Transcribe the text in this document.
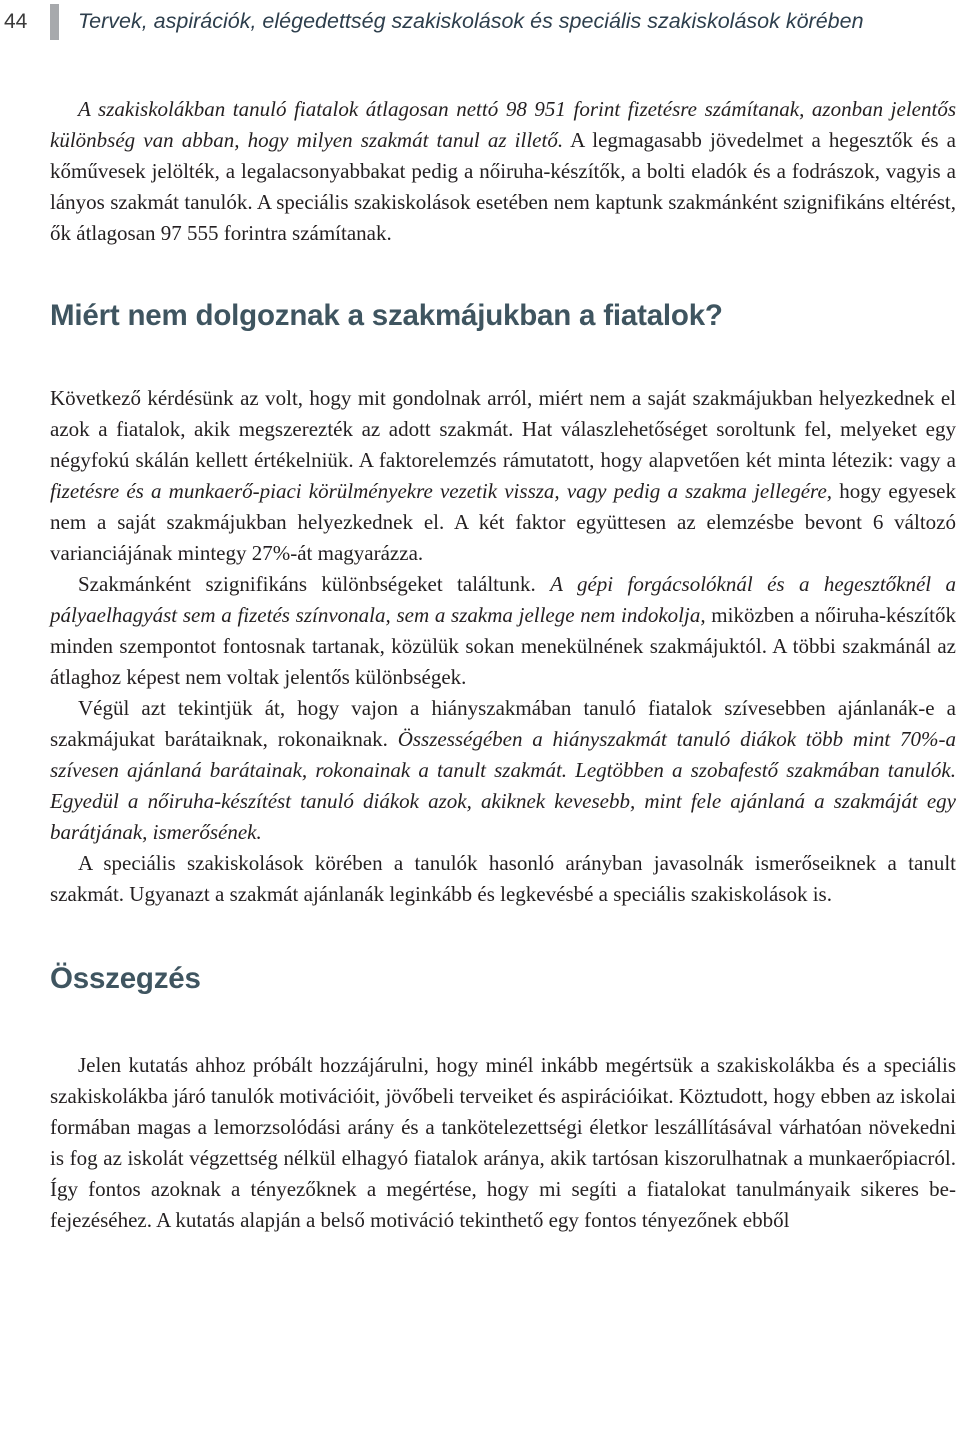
44 Tervek, aspirációk, elégedettség szakiskolások és speciális szakiskolások körében

A szakiskolákban tanuló fiatalok átlagosan nettó 98 951 forint fizetésre számítanak, azonban jelentős különbség van abban, hogy milyen szakmát tanul az illető. A legmagasabb jövedelmet a hegesztők és a kőművesek jelölték, a legalacsonyabbakat pedig a nőiruha-készítők, a bolti eladók és a fodrászok, vagyis a lányos szakmát tanulók. A speciális szakiskolások esetében nem kaptunk szakmánként szignifikáns eltérést, ők átlagosan 97 555 forintra számítanak.

Miért nem dolgoznak a szakmájukban a fiatalok?

Következő kérdésünk az volt, hogy mit gondolnak arról, miért nem a saját szakmájukban helyezkednek el azok a fiatalok, akik megszerezték az adott szakmát. Hat válaszlehetőséget soroltunk fel, melyeket egy négyfokú skálán kellett értékelniük. A faktorelemzés rámutatott, hogy alapvetően két minta létezik: vagy a fizetésre és a munkaerő-piaci körülményekre vezetik vissza, vagy pedig a szakma jellegére, hogy egyesek nem a saját szakmájukban helyezkednek el. A két faktor együttesen az elemzésbe bevont 6 változó varianciájának mintegy 27%-át magyarázza.

Szakmánként szignifikáns különbségeket találtunk. A gépi forgácsolóknál és a hegesztőknél a pályaelhagyást sem a fizetés színvonala, sem a szakma jellege nem indokolja, miközben a nőiruha-készítők minden szempontot fontosnak tartanak, közülük sokan menekülnének szakmájuktól. A többi szakmánál az átlaghoz képest nem voltak jelentős különbségek.

Végül azt tekintjük át, hogy vajon a hiányszakmában tanuló fiatalok szívesebben ajánlanák-e a szakmájukat barátaiknak, rokonaiknak. Összességében a hiányszakmát tanuló diákok több mint 70%-a szívesen ajánlaná barátainak, rokonainak a tanult szakmát. Legtöbben a szobafestő szakmában tanulók. Egyedül a nőiruha-készítést tanuló diákok azok, akiknek kevesebb, mint fele ajánlaná a szakmáját egy barátjának, ismerősének.

A speciális szakiskolások körében a tanulók hasonló arányban javasolnák ismerőseiknek a tanult szakmát. Ugyanazt a szakmát ajánlanák leginkább és legkevésbé a speciális szakiskolások is.

Összegzés

Jelen kutatás ahhoz próbált hozzájárulni, hogy minél inkább megértsük a szakiskolákba és a speciális szakiskolákba járó tanulók motivációit, jövőbeli terveiket és aspirációikat. Köztudott, hogy ebben az iskolai formában magas a lemorzsolódási arány és a tankötelezettségi életkor leszállításával várhatóan növekedni is fog az iskolát végzettség nélkül elhagyó fiatalok aránya, akik tartósan kiszorulhatnak a munkaerőpiacról. Így fontos azoknak a tényezőknek a megértése, hogy mi segíti a fiatalokat tanulmányaik sikeres befejezéséhez. A kutatás alapján a belső motiváció tekinthető egy fontos tényezőnek ebből
